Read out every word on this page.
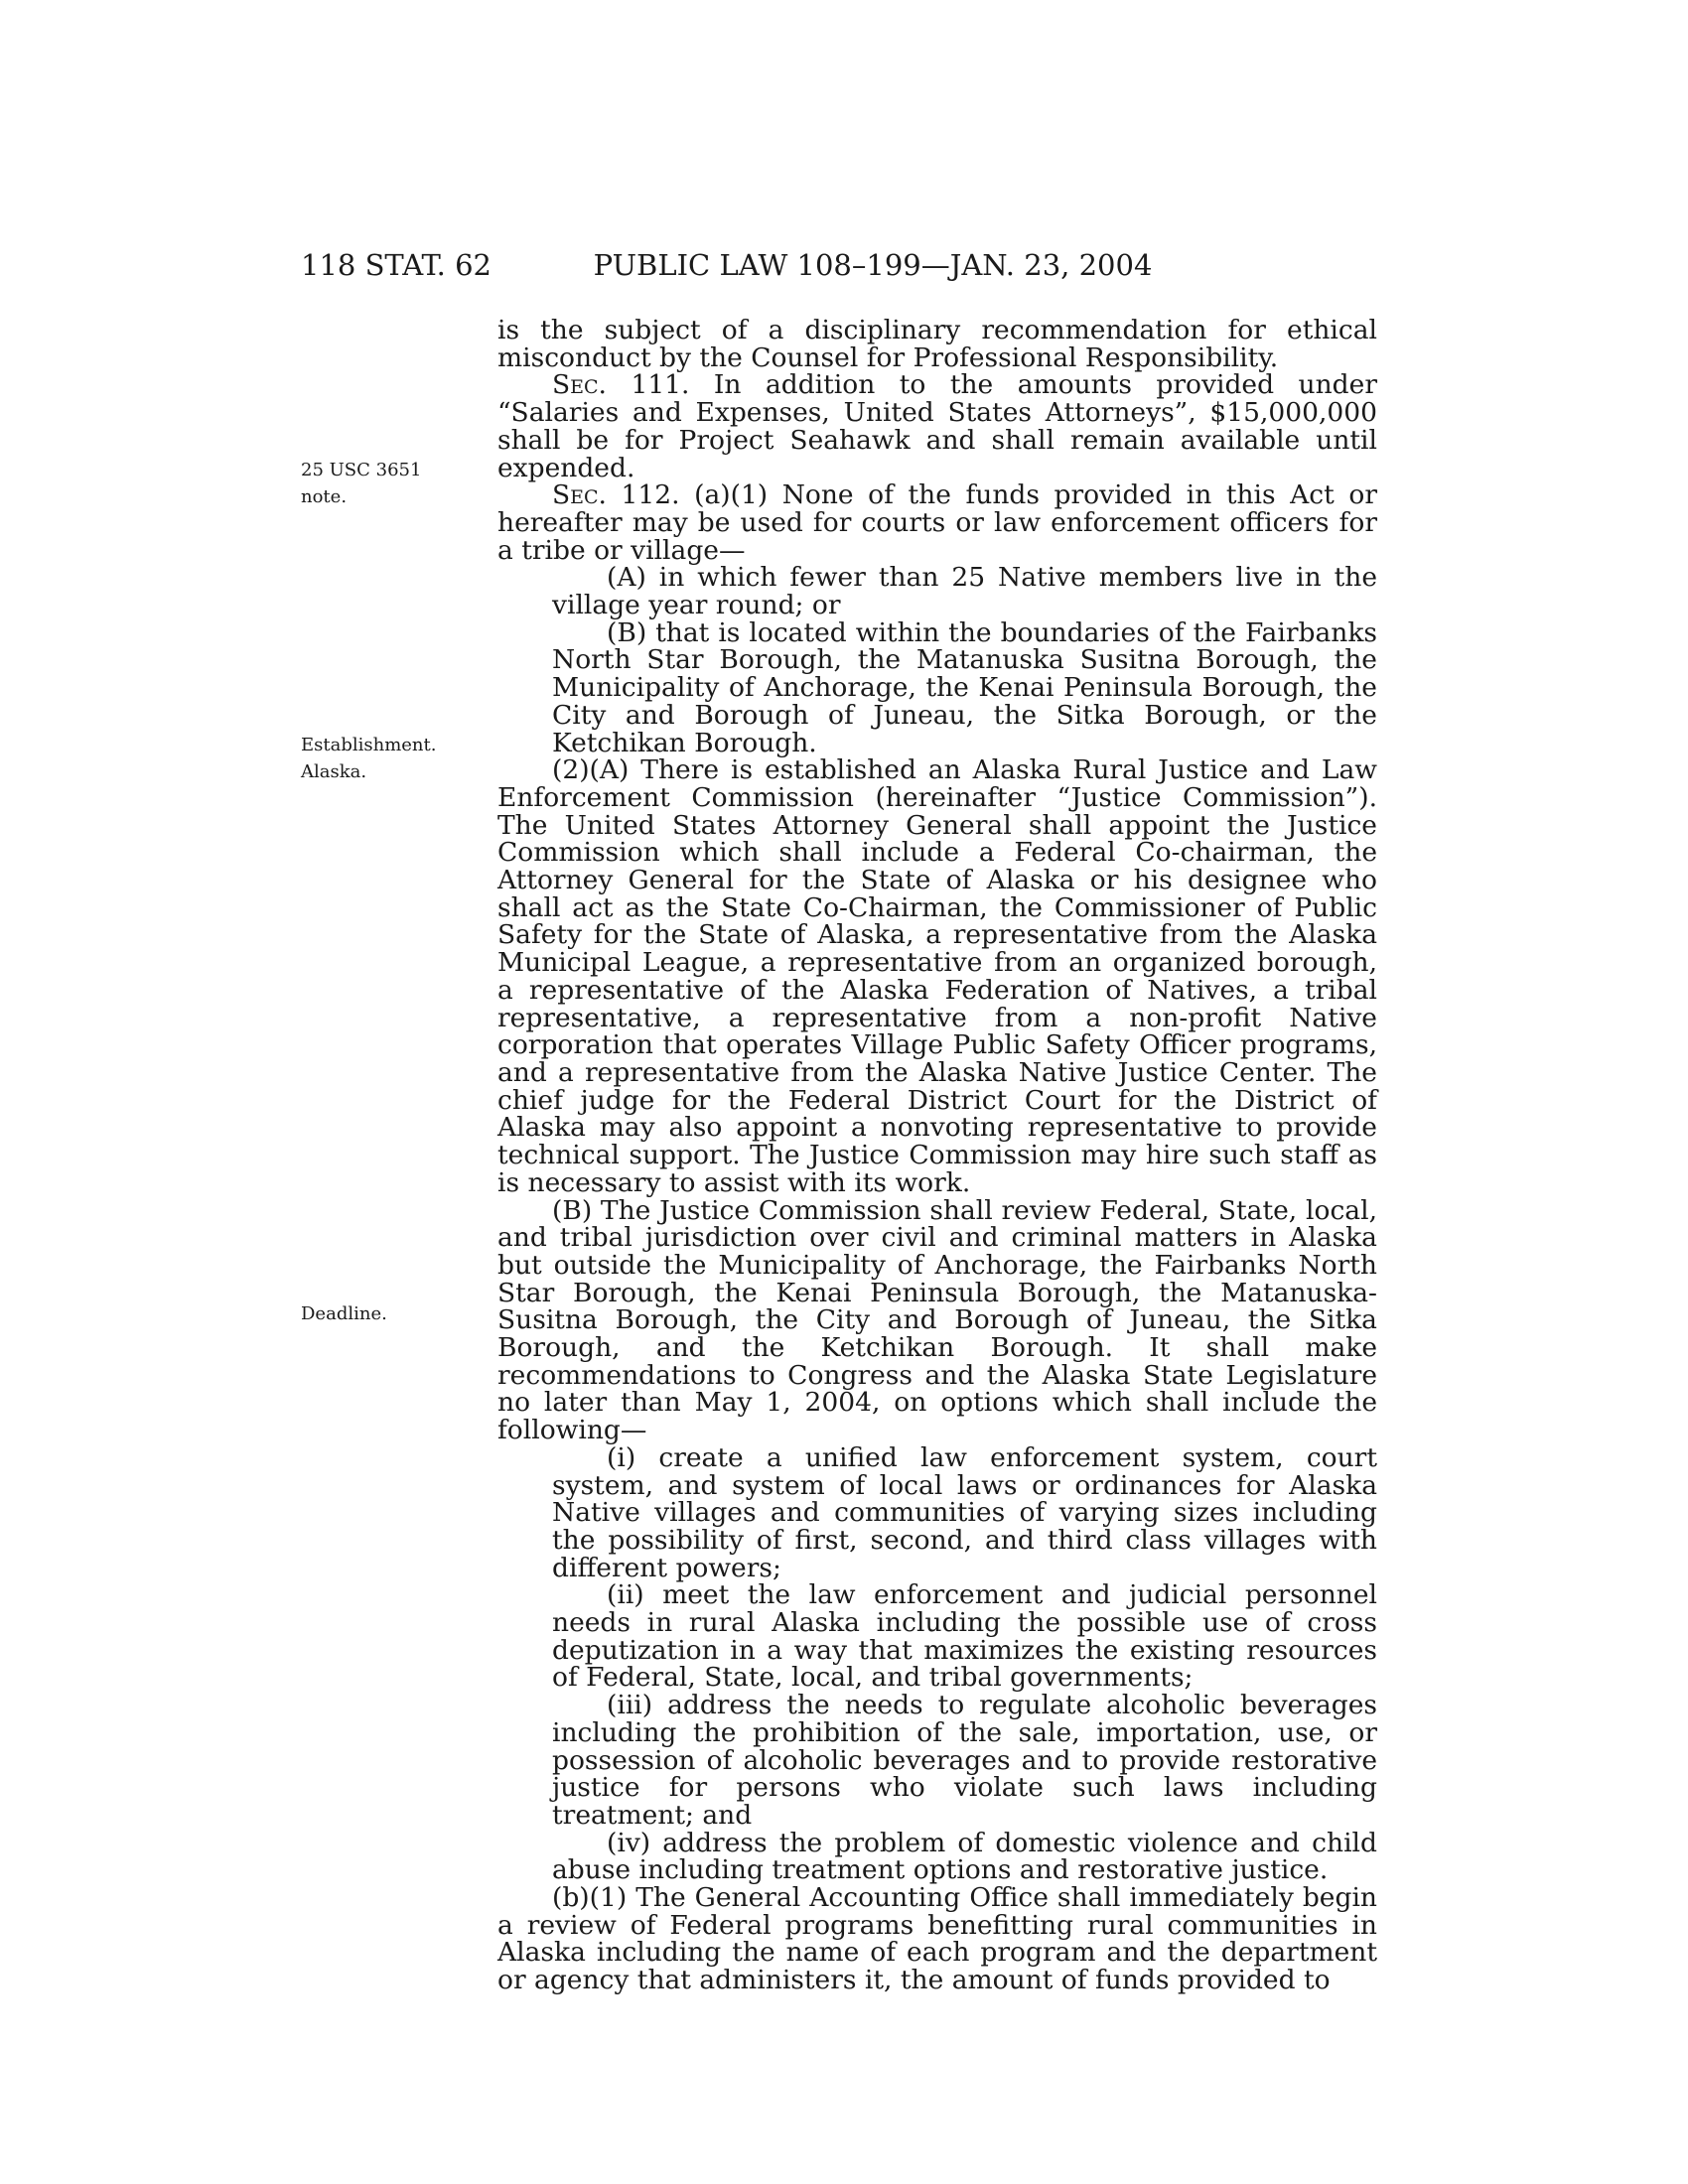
118 STAT. 62	PUBLIC LAW 108–199—JAN. 23, 2004
25 USC 3651
note.
Establishment.
Alaska.
Deadline.

is the subject of a disciplinary recommendation for ethical misconduct by the Counsel for Professional Responsibility.

Sec. 111. In addition to the amounts provided under “Salaries and Expenses, United States Attorneys”, $15,000,000 shall be for Project Seahawk and shall remain available until expended.

Sec. 112. (a)(1) None of the funds provided in this Act or hereafter may be used for courts or law enforcement officers for a tribe or village—

(A) in which fewer than 25 Native members live in the village year round; or

(B) that is located within the boundaries of the Fairbanks North Star Borough, the Matanuska Susitna Borough, the Municipality of Anchorage, the Kenai Peninsula Borough, the City and Borough of Juneau, the Sitka Borough, or the Ketchikan Borough.

(2)(A) There is established an Alaska Rural Justice and Law Enforcement Commission (hereinafter “Justice Commission”). The United States Attorney General shall appoint the Justice Commission which shall include a Federal Co-chairman, the Attorney General for the State of Alaska or his designee who shall act as the State Co-Chairman, the Commissioner of Public Safety for the State of Alaska, a representative from the Alaska Municipal League, a representative from an organized borough, a representative of the Alaska Federation of Natives, a tribal representative, a representative from a non-profit Native corporation that operates Village Public Safety Officer programs, and a representative from the Alaska Native Justice Center. The chief judge for the Federal District Court for the District of Alaska may also appoint a nonvoting representative to provide technical support. The Justice Commission may hire such staff as is necessary to assist with its work.

(B) The Justice Commission shall review Federal, State, local, and tribal jurisdiction over civil and criminal matters in Alaska but outside the Municipality of Anchorage, the Fairbanks North Star Borough, the Kenai Peninsula Borough, the Matanuska-Susitna Borough, the City and Borough of Juneau, the Sitka Borough, and the Ketchikan Borough. It shall make recommendations to Congress and the Alaska State Legislature no later than May 1, 2004, on options which shall include the following—

(i) create a unified law enforcement system, court system, and system of local laws or ordinances for Alaska Native villages and communities of varying sizes including the possibility of first, second, and third class villages with different powers;

(ii) meet the law enforcement and judicial personnel needs in rural Alaska including the possible use of cross deputization in a way that maximizes the existing resources of Federal, State, local, and tribal governments;

(iii) address the needs to regulate alcoholic beverages including the prohibition of the sale, importation, use, or possession of alcoholic beverages and to provide restorative justice for persons who violate such laws including treatment; and

(iv) address the problem of domestic violence and child abuse including treatment options and restorative justice.

(b)(1) The General Accounting Office shall immediately begin a review of Federal programs benefitting rural communities in Alaska including the name of each program and the department or agency that administers it, the amount of funds provided to
